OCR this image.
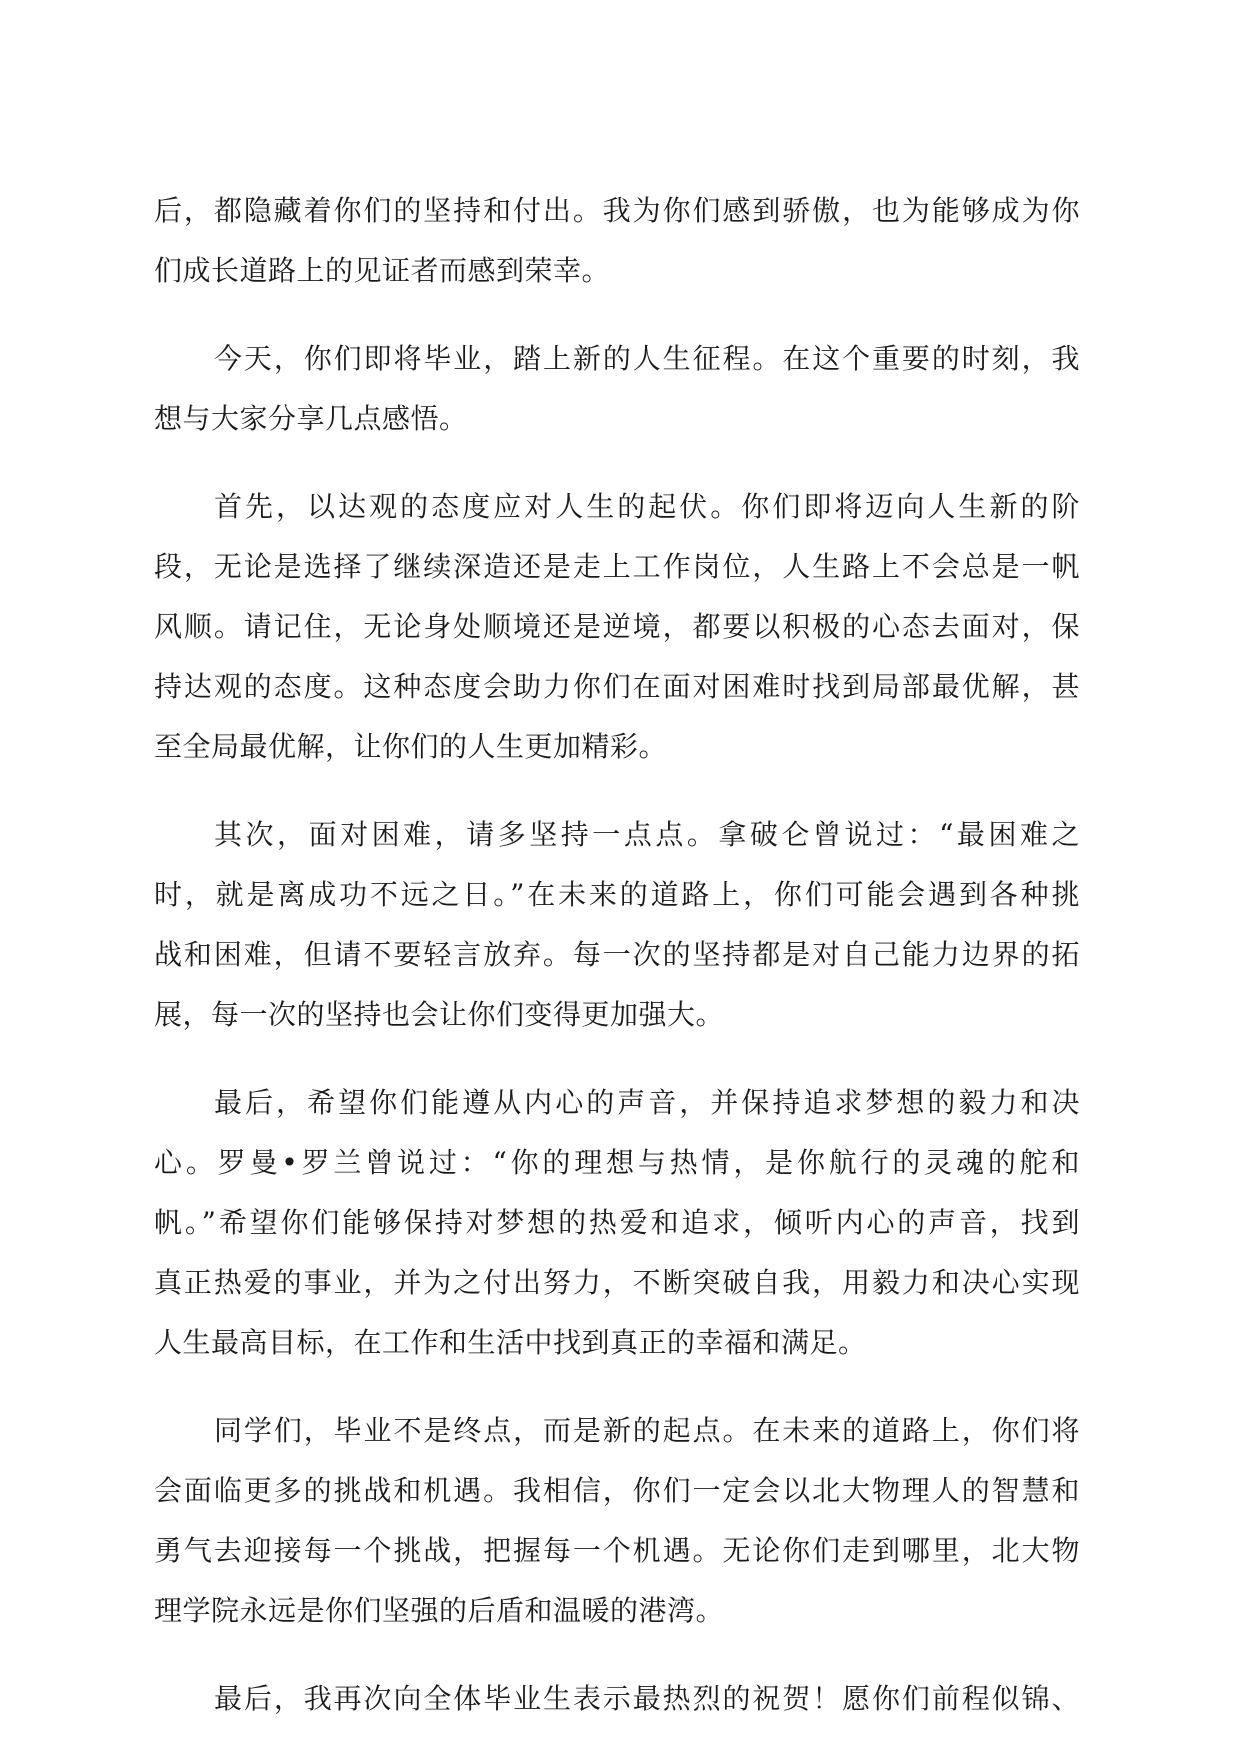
后，都隐藏着你们的坚持和付出。我为你们感到骄傲，也为能够成为你
们成长道路上的见证者而感到荣幸。
今天，你们即将毕业，踏上新的人生征程。在这个重要的时刻，我
想与大家分享几点感悟。
首先，以达观的态度应对人生的起伏。你们即将迈向人生新的阶
段，无论是选择了继续深造还是走上工作岗位，人生路上不会总是一帆
风顺。请记住，无论身处顺境还是逆境，都要以积极的心态去面对，保
持达观的态度。这种态度会助力你们在面对困难时找到局部最优解，甚
至全局最优解，让你们的人生更加精彩。
其次，面对困难，请多坚持一点点。拿破仑曾说过：“最困难之
时，就是离成功不远之日。”在未来的道路上，你们可能会遇到各种挑
战和困难，但请不要轻言放弃。每一次的坚持都是对自己能力边界的拓
展，每一次的坚持也会让你们变得更加强大。
最后，希望你们能遵从内心的声音，并保持追求梦想的毅力和决
心。罗曼•罗兰曾说过：“你的理想与热情，是你航行的灵魂的舵和
帆。”希望你们能够保持对梦想的热爱和追求，倾听内心的声音，找到
真正热爱的事业，并为之付出努力，不断突破自我，用毅力和决心实现
人生最高目标，在工作和生活中找到真正的幸福和满足。
同学们，毕业不是终点，而是新的起点。在未来的道路上，你们将
会面临更多的挑战和机遇。我相信，你们一定会以北大物理人的智慧和
勇气去迎接每一个挑战，把握每一个机遇。无论你们走到哪里，北大物
理学院永远是你们坚强的后盾和温暖的港湾。
最后，我再次向全体毕业生表示最热烈的祝贺！愿你们前程似锦、
